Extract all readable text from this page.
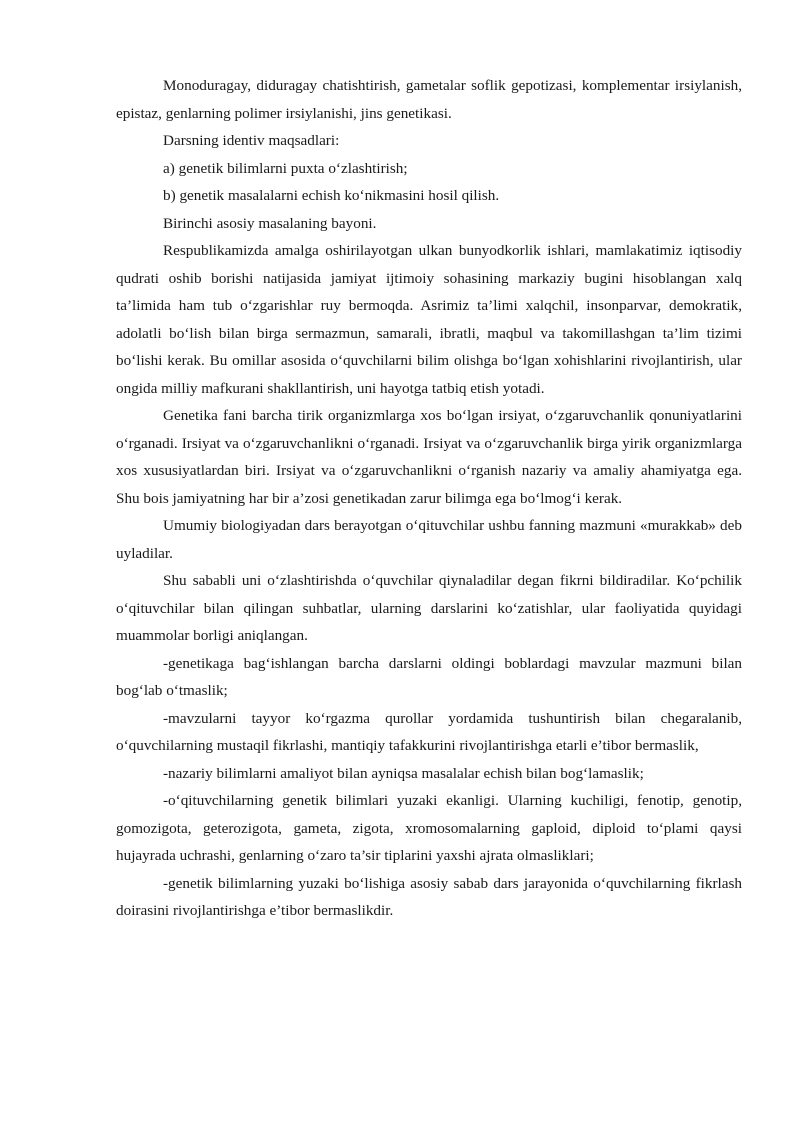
Monoduragay, diduragay chatishtirish, gametalar soflik gepotizasi, komplementar irsiylanish, epistaz, genlarning polimer irsiylanishi, jins genetikasi.

Darsning identiv maqsadlari:

a) genetik bilimlarni puxta o‘zlashtirish;

b) genetik masalalarni echish ko‘nikmasini hosil qilish.

Birinchi asosiy masalaning bayoni.

Respublikamizda amalga oshirilayotgan ulkan bunyodkorlik ishlari, mamlakatimiz iqtisodiy qudrati oshib borishi natijasida jamiyat ijtimoiy sohasining markaziy bugini hisoblangan xalq ta’limida ham tub o‘zgarishlar ruy bermoqda. Asrimiz ta’limi xalqchil, insonparvar, demokratik, adolatli bo‘lish bilan birga sermazmun, samarali, ibratli, maqbul va takomillashgan ta’lim tizimi bo‘lishi kerak. Bu omillar asosida o‘quvchilarni bilim olishga bo‘lgan xohishlarini rivojlantirish, ular ongida milliy mafkurani shakllantirish, uni hayotga tatbiq etish yotadi.

Genetika fani barcha tirik organizmlarga xos bo‘lgan irsiyat, o‘zgaruvchanlik qonuniyatlarini o‘rganadi. Irsiyat va o‘zgaruvchanlikni o‘rganadi. Irsiyat va o‘zgaruvchanlik birga yirik organizmlarga xos xususiyatlardan biri. Irsiyat va o‘zgaruvchanlikni o‘rganish nazariy va amaliy ahamiyatga ega. Shu bois jamiyatning har bir a’zosi genetikadan zarur bilimga ega bo‘lmog‘i kerak.

Umumiy biologiyadan dars berayotgan o‘qituvchilar ushbu fanning mazmuni «murakkab» deb uyladilar.

Shu sababli uni o‘zlashtirishda o‘quvchilar qiynaladilar degan fikrni bildiradilar. Ko‘pchilik o‘qituvchilar bilan qilingan suhbatlar, ularning darslarini ko‘zatishlar, ular faoliyatida quyidagi muammolar borligi aniqlangan.

-genetikaga bag‘ishlangan barcha darslarni oldingi boblardagi mavzular mazmuni bilan bog‘lab o‘tmaslik;

-mavzularni tayyor ko‘rgazma qurollar yordamida tushuntirish bilan chegaralanib, o‘quvchilarning mustaqil fikrlashi, mantiqiy tafakkurini rivojlantirishga etarli e’tibor bermaslik,

-nazariy bilimlarni amaliyot bilan ayniqsa masalalar echish bilan bog‘lamaslik;

-o‘qituvchilarning genetik bilimlari yuzaki ekanligi. Ularning kuchiligi, fenotip, genotip, gomozigota, geterozigota, gameta, zigota, xromosomalarning gaploid, diploid to‘plami qaysi hujayrada uchrashi, genlarning o‘zaro ta’sir tiplarini yaxshi ajrata olmasliklari;

-genetik bilimlarning yuzaki bo‘lishiga asosiy sabab dars jarayonida o‘quvchilarning fikrlash doirasini rivojlantirishga e’tibor bermaslikdir.
